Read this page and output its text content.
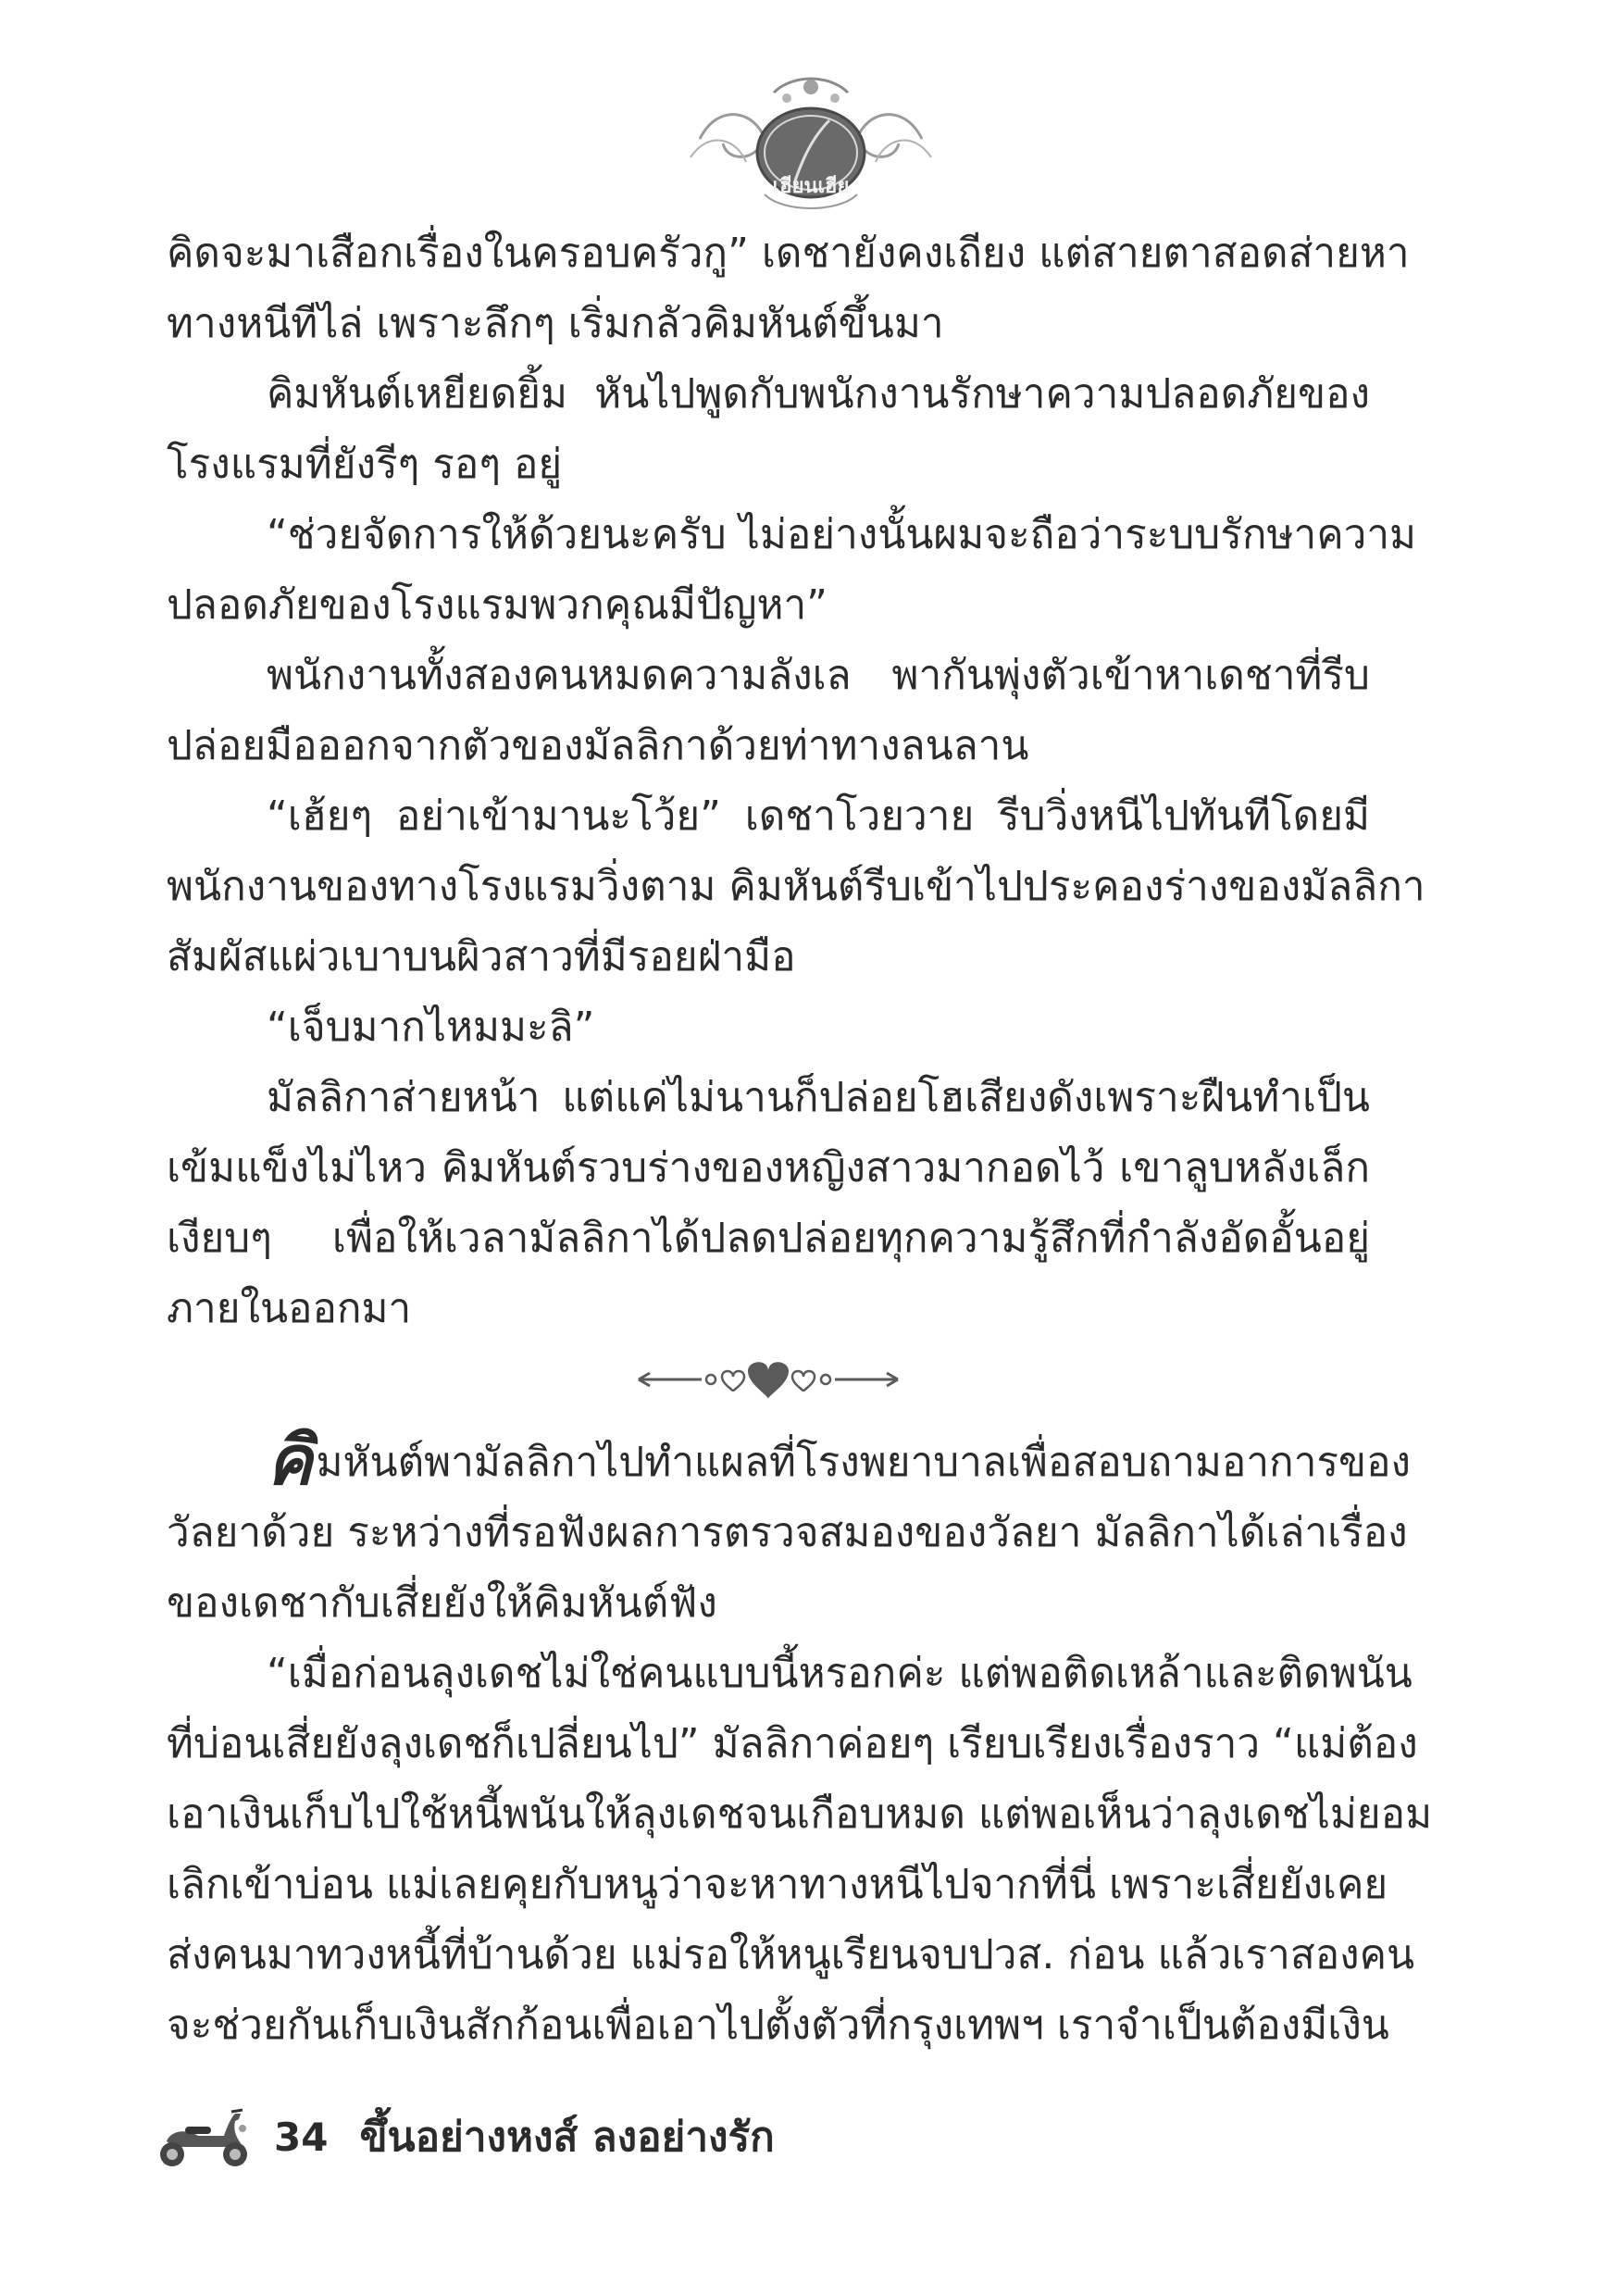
เฮียนเฮีย
คิดจะมาเสือกเรื่องในครอบครัวกู” เดชายังคงเถียง แต่สายตาสอดส่ายหา
ทางหนีทีไล่ เพราะลึกๆ เริ่มกลัวคิมหันต์ขึ้นมา
คิมหันต์เหยียดยิ้ม หันไปพูดกับพนักงานรักษาความปลอดภัยของ
โรงแรมที่ยังรีๆ รอๆ อยู่
“ช่วยจัดการให้ด้วยนะครับ ไม่อย่างนั้นผมจะถือว่าระบบรักษาความ
ปลอดภัยของโรงแรมพวกคุณมีปัญหา”
พนักงานทั้งสองคนหมดความลังเล พากันพุ่งตัวเข้าหาเดชาที่รีบ
ปล่อยมือออกจากตัวของมัลลิกาด้วยท่าทางลนลาน
“เฮ้ยๆ อย่าเข้ามานะโว้ย” เดชาโวยวาย รีบวิ่งหนีไปทันทีโดยมี
พนักงานของทางโรงแรมวิ่งตาม คิมหันต์รีบเข้าไปประคองร่างของมัลลิกา
สัมผัสแผ่วเบาบนผิวสาวที่มีรอยฝ่ามือ
“เจ็บมากไหมมะลิ”
มัลลิกาส่ายหน้า แต่แค่ไม่นานก็ปล่อยโฮเสียงดังเพราะฝืนทำเป็น
เข้มแข็งไม่ไหว คิมหันต์รวบร่างของหญิงสาวมากอดไว้ เขาลูบหลังเล็ก
เงียบๆ เพื่อให้เวลามัลลิกาได้ปลดปล่อยทุกความรู้สึกที่กำลังอัดอั้นอยู่
ภายในออกมา
คิ มหันต์พามัลลิกาไปทำแผลที่โรงพยาบาลเพื่อสอบถามอาการของ
วัลยาด้วย ระหว่างที่รอฟังผลการตรวจสมองของวัลยา มัลลิกาได้เล่าเรื่อง
ของเดชากับเสี่ยยังให้คิมหันต์ฟัง
“เมื่อก่อนลุงเดชไม่ใช่คนแบบนี้หรอกค่ะ แต่พอติดเหล้าและติดพนัน
ที่บ่อนเสี่ยยังลุงเดชก็เปลี่ยนไป” มัลลิกาค่อยๆ เรียบเรียงเรื่องราว “แม่ต้อง
เอาเงินเก็บไปใช้หนี้พนันให้ลุงเดชจนเกือบหมด แต่พอเห็นว่าลุงเดชไม่ยอม
เลิกเข้าบ่อน แม่เลยคุยกับหนูว่าจะหาทางหนีไปจากที่นี่ เพราะเสี่ยยังเคย
ส่งคนมาทวงหนี้ที่บ้านด้วย แม่รอให้หนูเรียนจบปวส. ก่อน แล้วเราสองคน
จะช่วยกันเก็บเงินสักก้อนเพื่อเอาไปตั้งตัวที่กรุงเทพฯ เราจำเป็นต้องมีเงิน
34 ขึ้นอย่างหงส์ ลงอย่างรัก
